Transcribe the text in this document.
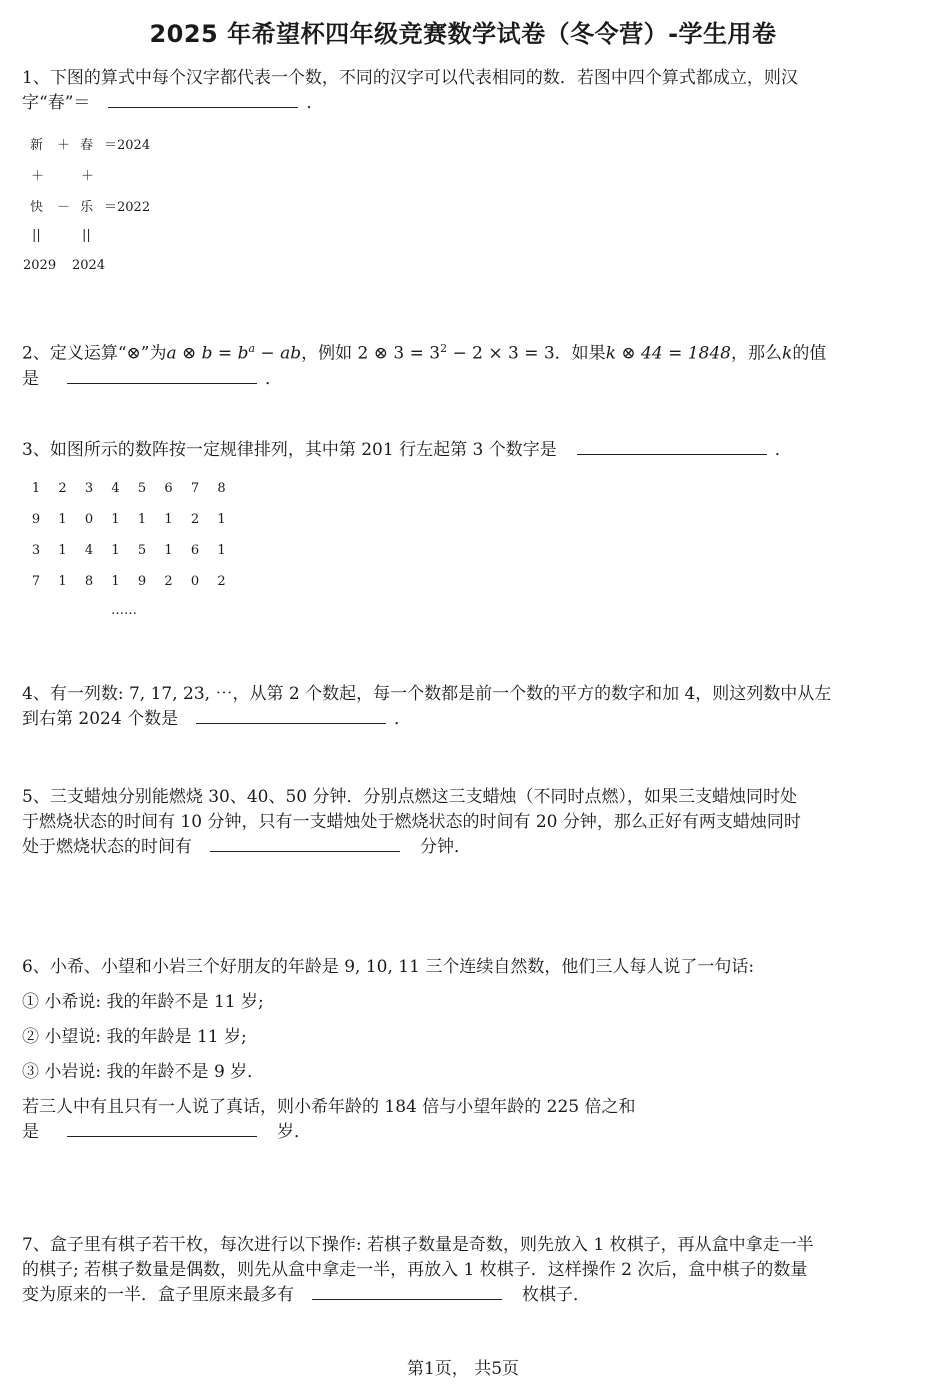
2025 年希望杯四年级竞赛数学试卷（冬令营）-学生用卷
1、下图的算式中每个汉字都代表一个数，不同的汉字可以代表相同的数．若图中四个算式都成立，则汉
字“春”＝	．
新 ＋ 春 ＝2024
＋	＋
快 － 乐 ＝2022
||	||
2029 2024
2、定义运算“⊗”为a ⊗ $b = b^a$ − ab，例如 2 ⊗ $3 = 3^2 - 2 \times 3 = 3$．如果k ⊗ 44 = 1848，那么k的值
是	．
3、如图所示的数阵按一定规律排列，其中第 201 行左起第 3 个数字是	．
1	2	3	4	5	6	7	8
9	1	0	1	1	1	2	1
3	1	4	1	5	1	6	1
7	1	8	1	9	2	0	2
……
4、有一列数: 7, 17, 23, ⋯，从第 2 个数起，每一个数都是前一个数的平方的数字和加 4，则这列数中从左
到右第 2024 个数是	．
5、三支蜡烛分别能燃烧 30、40、50 分钟．分别点燃这三支蜡烛（不同时点燃），如果三支蜡烛同时处
于燃烧状态的时间有 10 分钟，只有一支蜡烛处于燃烧状态的时间有 20 分钟，那么正好有两支蜡烛同时
处于燃烧状态的时间有	分钟．
6、小希、小望和小岩三个好朋友的年龄是 9, 10, 11 三个连续自然数，他们三人每人说了一句话:
① 小希说: 我的年龄不是 11 岁;
② 小望说: 我的年龄是 11 岁;
③ 小岩说: 我的年龄不是 9 岁．
若三人中有且只有一人说了真话，则小希年龄的 184 倍与小望年龄的 225 倍之和
是	岁．
7、盒子里有棋子若干枚，每次进行以下操作: 若棋子数量是奇数，则先放入 1 枚棋子，再从盒中拿走一半
的棋子; 若棋子数量是偶数，则先从盒中拿走一半，再放入 1 枚棋子．这样操作 2 次后，盒中棋子的数量
变为原来的一半．盒子里原来最多有	枚棋子．
第1页， 共5页
